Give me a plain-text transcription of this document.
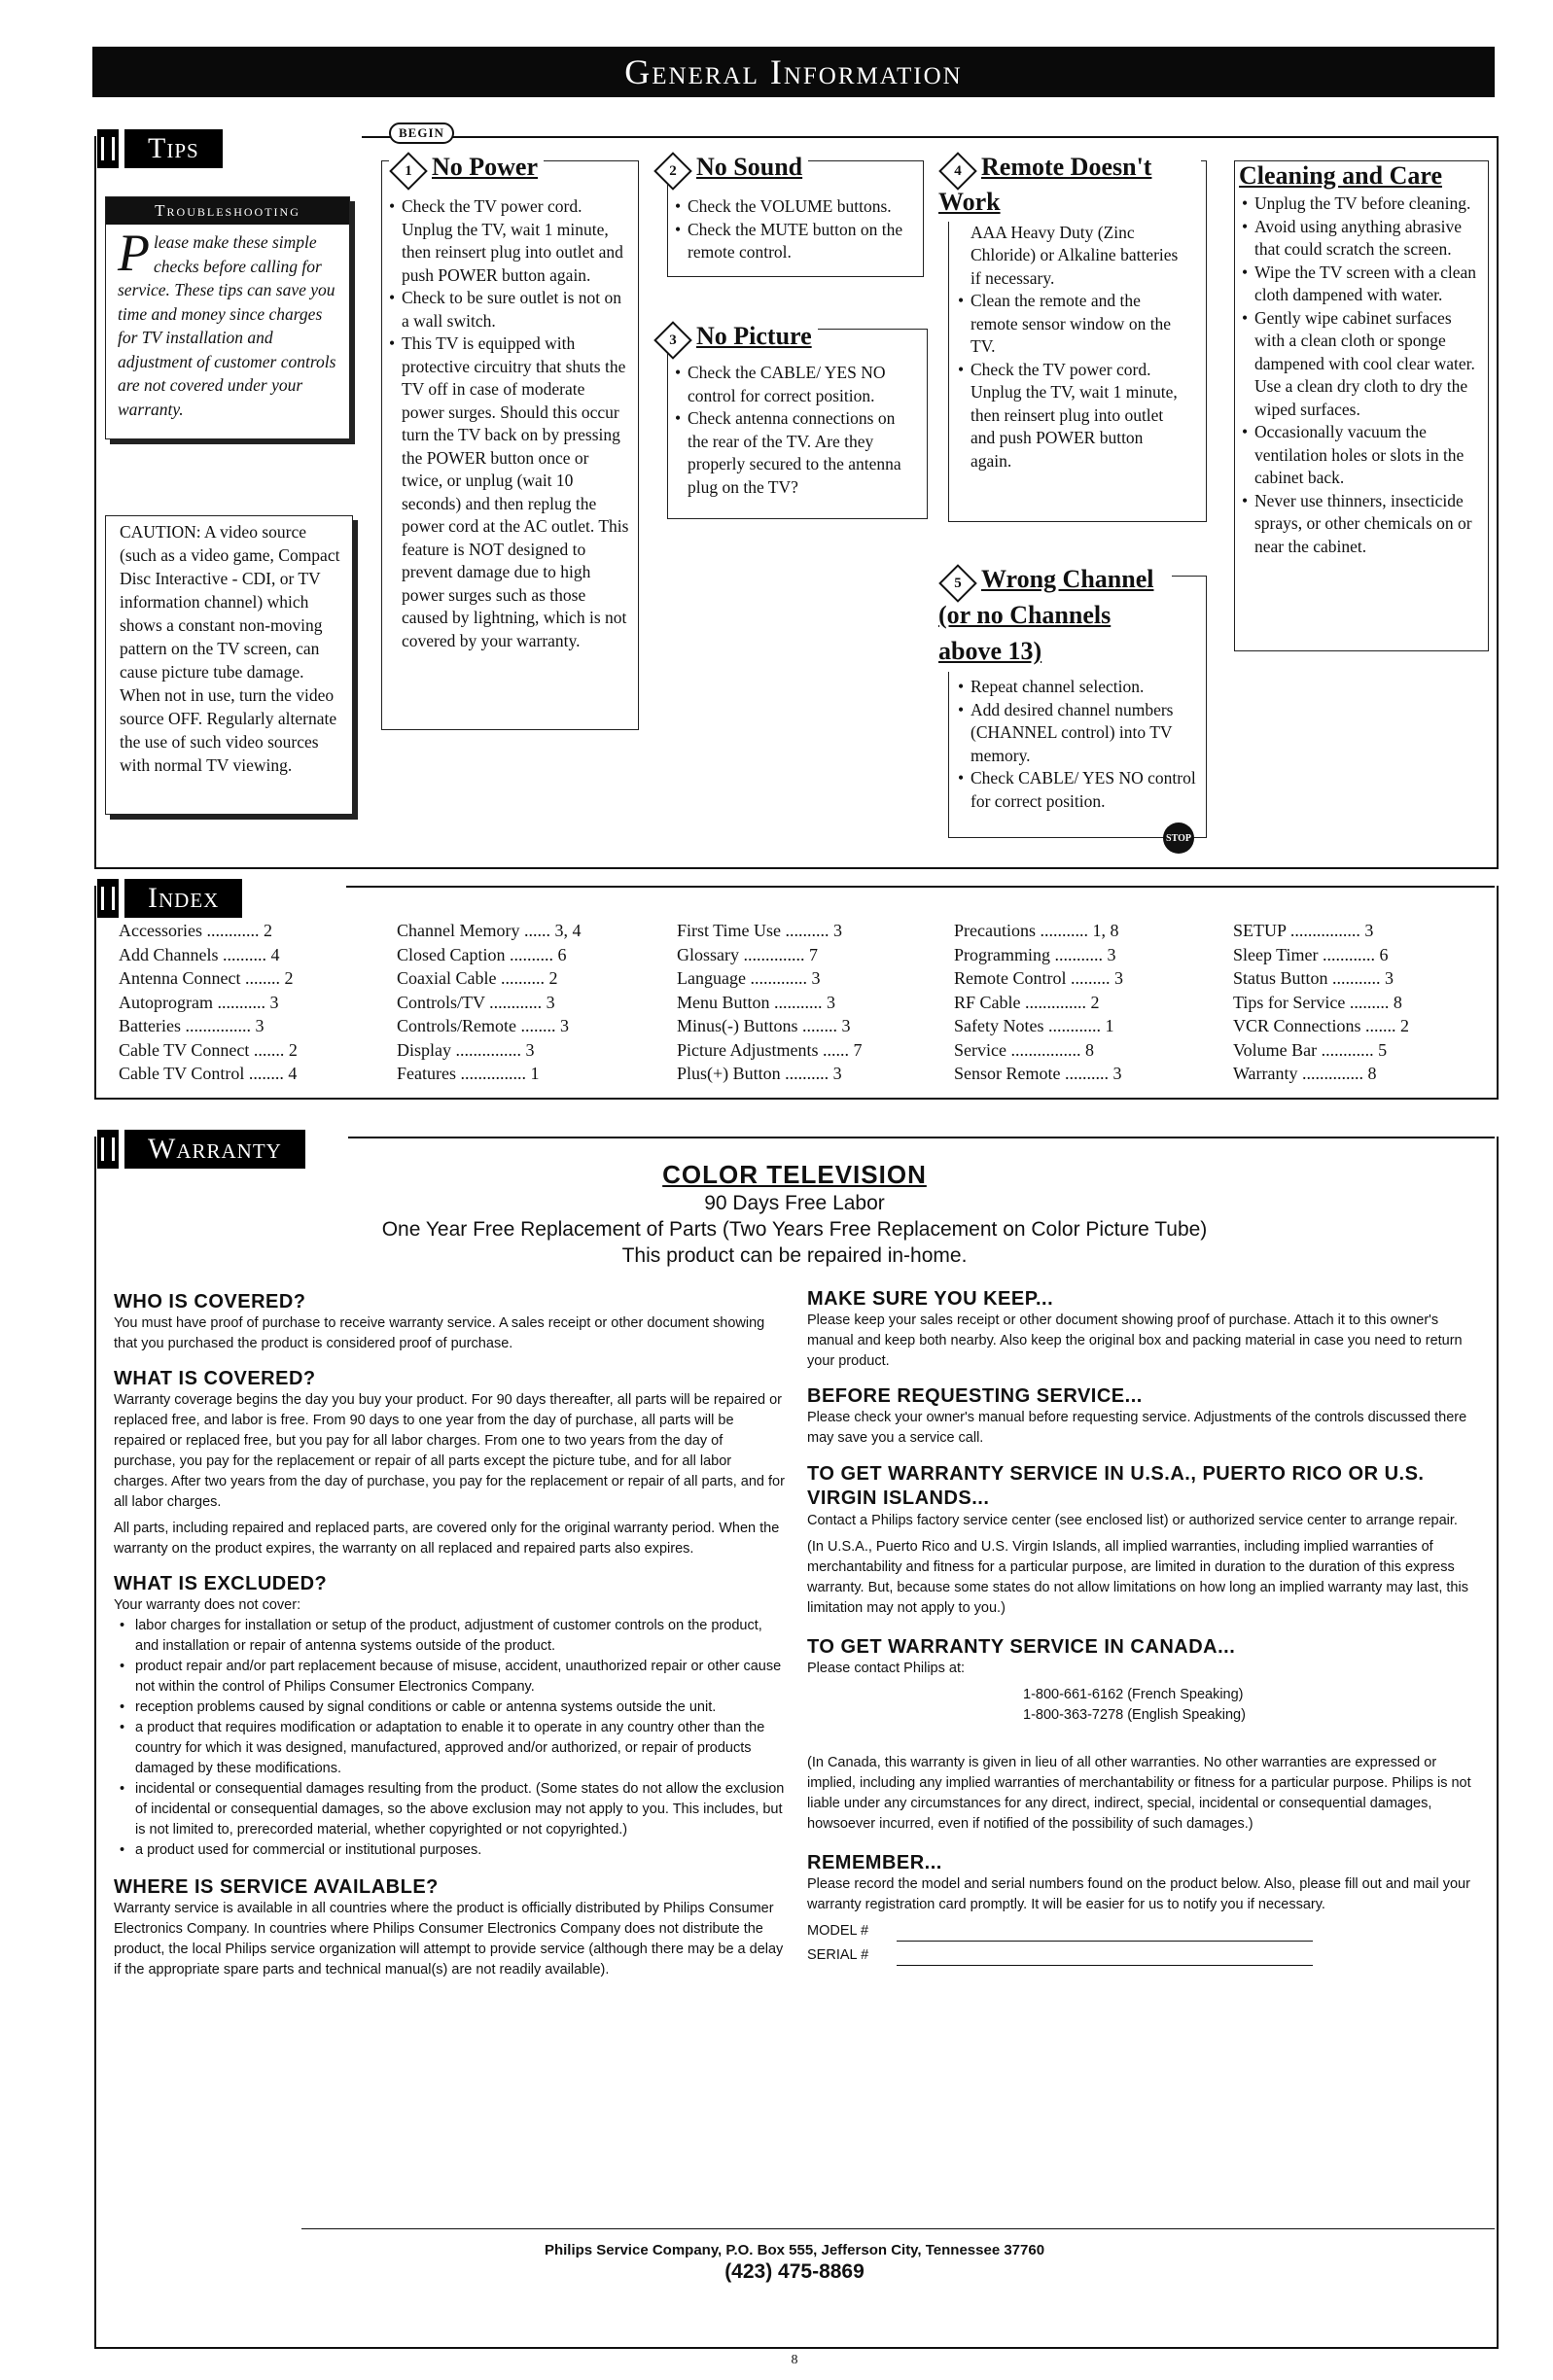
General Information
Tips	BEGIN
Troubleshooting
Please make these simple checks before calling for service. These tips can save you time and money since charges for TV installation and adjustment of customer controls are not covered under your warranty.
CAUTION: A video source (such as a video game, Compact Disc Interactive - CDI, or TV information channel) which shows a constant non-moving pattern on the TV screen, can cause picture tube damage. When not in use, turn the video source OFF. Regularly alternate the use of such video sources with normal TV viewing.
• Check the TV power cord. Unplug the TV, wait 1 minute, then reinsert plug into outlet and push POWER button again.
• Check to be sure outlet is not on a wall switch.
• This TV is equipped with protective circuitry that shuts the TV off in case of moderate power surges. Should this occur turn the TV back on by pressing the POWER button once or twice, or unplug (wait 10 seconds) and then replug the power cord at the AC outlet. This feature is NOT designed to prevent damage due to high power surges such as those caused by lightning, which is not covered by your warranty.
1 No Power
• Check the VOLUME buttons.
• Check the MUTE button on the remote control.
2 No Sound
• Check the CABLE/ YES NO control for correct position.
• Check antenna connections on the rear of the TV. Are they properly secured to the antenna plug on the TV?
3 No Picture
• AAA Heavy Duty (Zinc Chloride) or Alkaline batteries if necessary.
• Clean the remote and the remote sensor window on the TV.
• Check the TV power cord. Unplug the TV, wait 1 minute, then reinsert plug into outlet and push POWER button again.
4 Remote Doesn't Work
• Repeat channel selection.
• Add desired channel numbers (CHANNEL control) into TV memory.
• Check CABLE/ YES NO control for correct position.
5 Wrong Channel (or no Channels above 13)
STOP
Cleaning and Care
• Unplug the TV before cleaning.
• Avoid using anything abrasive that could scratch the screen.
• Wipe the TV screen with a clean cloth dampened with water.
• Gently wipe cabinet surfaces with a clean cloth or sponge dampened with cool clear water. Use a clean dry cloth to dry the wiped surfaces.
• Occasionally vacuum the ventilation holes or slots in the cabinet back.
• Never use thinners, insecticide sprays, or other chemicals on or near the cabinet.
Index
Accessories ............ 2
Add Channels .......... 4
Antenna Connect ........ 2
Autoprogram ........... 3
Batteries ............... 3
Cable TV Connect ....... 2
Cable TV Control ........ 4
Channel Memory ...... 3, 4
Closed Caption .......... 6
Coaxial Cable .......... 2
Controls/TV ............ 3
Controls/Remote ........ 3
Display ............... 3
Features ............... 1
First Time Use .......... 3
Glossary .............. 7
Language ............. 3
Menu Button ........... 3
Minus(-) Buttons ........ 3
Picture Adjustments ...... 7
Plus(+) Button .......... 3
Precautions ........... 1, 8
Programming ........... 3
Remote Control ......... 3
RF Cable .............. 2
Safety Notes ............ 1
Service ................ 8
Sensor Remote .......... 3
SETUP ................ 3
Sleep Timer ............ 6
Status Button ........... 3
Tips for Service ......... 8
VCR Connections ....... 2
Volume Bar ............ 5
Warranty .............. 8
Warranty
COLOR TELEVISION
90 Days Free Labor
One Year Free Replacement of Parts (Two Years Free Replacement on Color Picture Tube)
This product can be repaired in-home.
WHO IS COVERED?
You must have proof of purchase to receive warranty service. A sales receipt or other document showing that you purchased the product is considered proof of purchase.
WHAT IS COVERED?
Warranty coverage begins the day you buy your product. For 90 days thereafter, all parts will be repaired or replaced free, and labor is free. From 90 days to one year from the day of purchase, all parts will be repaired or replaced free, but you pay for all labor charges. From one to two years from the day of purchase, you pay for the replacement or repair of all parts except the picture tube, and for all labor charges. After two years from the day of purchase, you pay for the replacement or repair of all parts, and for all labor charges.
All parts, including repaired and replaced parts, are covered only for the original warranty period. When the warranty on the product expires, the warranty on all replaced and repaired parts also expires.
WHAT IS EXCLUDED?
Your warranty does not cover:
• labor charges for installation or setup of the product, adjustment of customer controls on the product, and installation or repair of antenna systems outside of the product.
• product repair and/or part replacement because of misuse, accident, unauthorized repair or other cause not within the control of Philips Consumer Electronics Company.
• reception problems caused by signal conditions or cable or antenna systems outside the unit.
• a product that requires modification or adaptation to enable it to operate in any country other than the country for which it was designed, manufactured, approved and/or authorized, or repair of products damaged by these modifications.
• incidental or consequential damages resulting from the product. (Some states do not allow the exclusion of incidental or consequential damages, so the above exclusion may not apply to you. This includes, but is not limited to, prerecorded material, whether copyrighted or not copyrighted.)
• a product used for commercial or institutional purposes.
WHERE IS SERVICE AVAILABLE?
Warranty service is available in all countries where the product is officially distributed by Philips Consumer Electronics Company. In countries where Philips Consumer Electronics Company does not distribute the product, the local Philips service organization will attempt to provide service (although there may be a delay if the appropriate spare parts and technical manual(s) are not readily available).
MAKE SURE YOU KEEP...
Please keep your sales receipt or other document showing proof of purchase. Attach it to this owner's manual and keep both nearby. Also keep the original box and packing material in case you need to return your product.
BEFORE REQUESTING SERVICE...
Please check your owner's manual before requesting service. Adjustments of the controls discussed there may save you a service call.
TO GET WARRANTY SERVICE IN U.S.A., PUERTO RICO OR U.S. VIRGIN ISLANDS...
Contact a Philips factory service center (see enclosed list) or authorized service center to arrange repair.
(In U.S.A., Puerto Rico and U.S. Virgin Islands, all implied warranties, including implied warranties of merchantability and fitness for a particular purpose, are limited in duration to the duration of this express warranty. But, because some states do not allow limitations on how long an implied warranty may last, this limitation may not apply to you.)
TO GET WARRANTY SERVICE IN CANADA...
Please contact Philips at:
1-800-661-6162 (French Speaking)
1-800-363-7278 (English Speaking)
(In Canada, this warranty is given in lieu of all other warranties. No other warranties are expressed or implied, including any implied warranties of merchantability or fitness for a particular purpose. Philips is not liable under any circumstances for any direct, indirect, special, incidental or consequential damages, howsoever incurred, even if notified of the possibility of such damages.)
REMEMBER...
Please record the model and serial numbers found on the product below. Also, please fill out and mail your warranty registration card promptly. It will be easier for us to notify you if necessary.
MODEL #
SERIAL #
Philips Service Company, P.O. Box 555, Jefferson City, Tennessee 37760
(423) 475-8869
8
